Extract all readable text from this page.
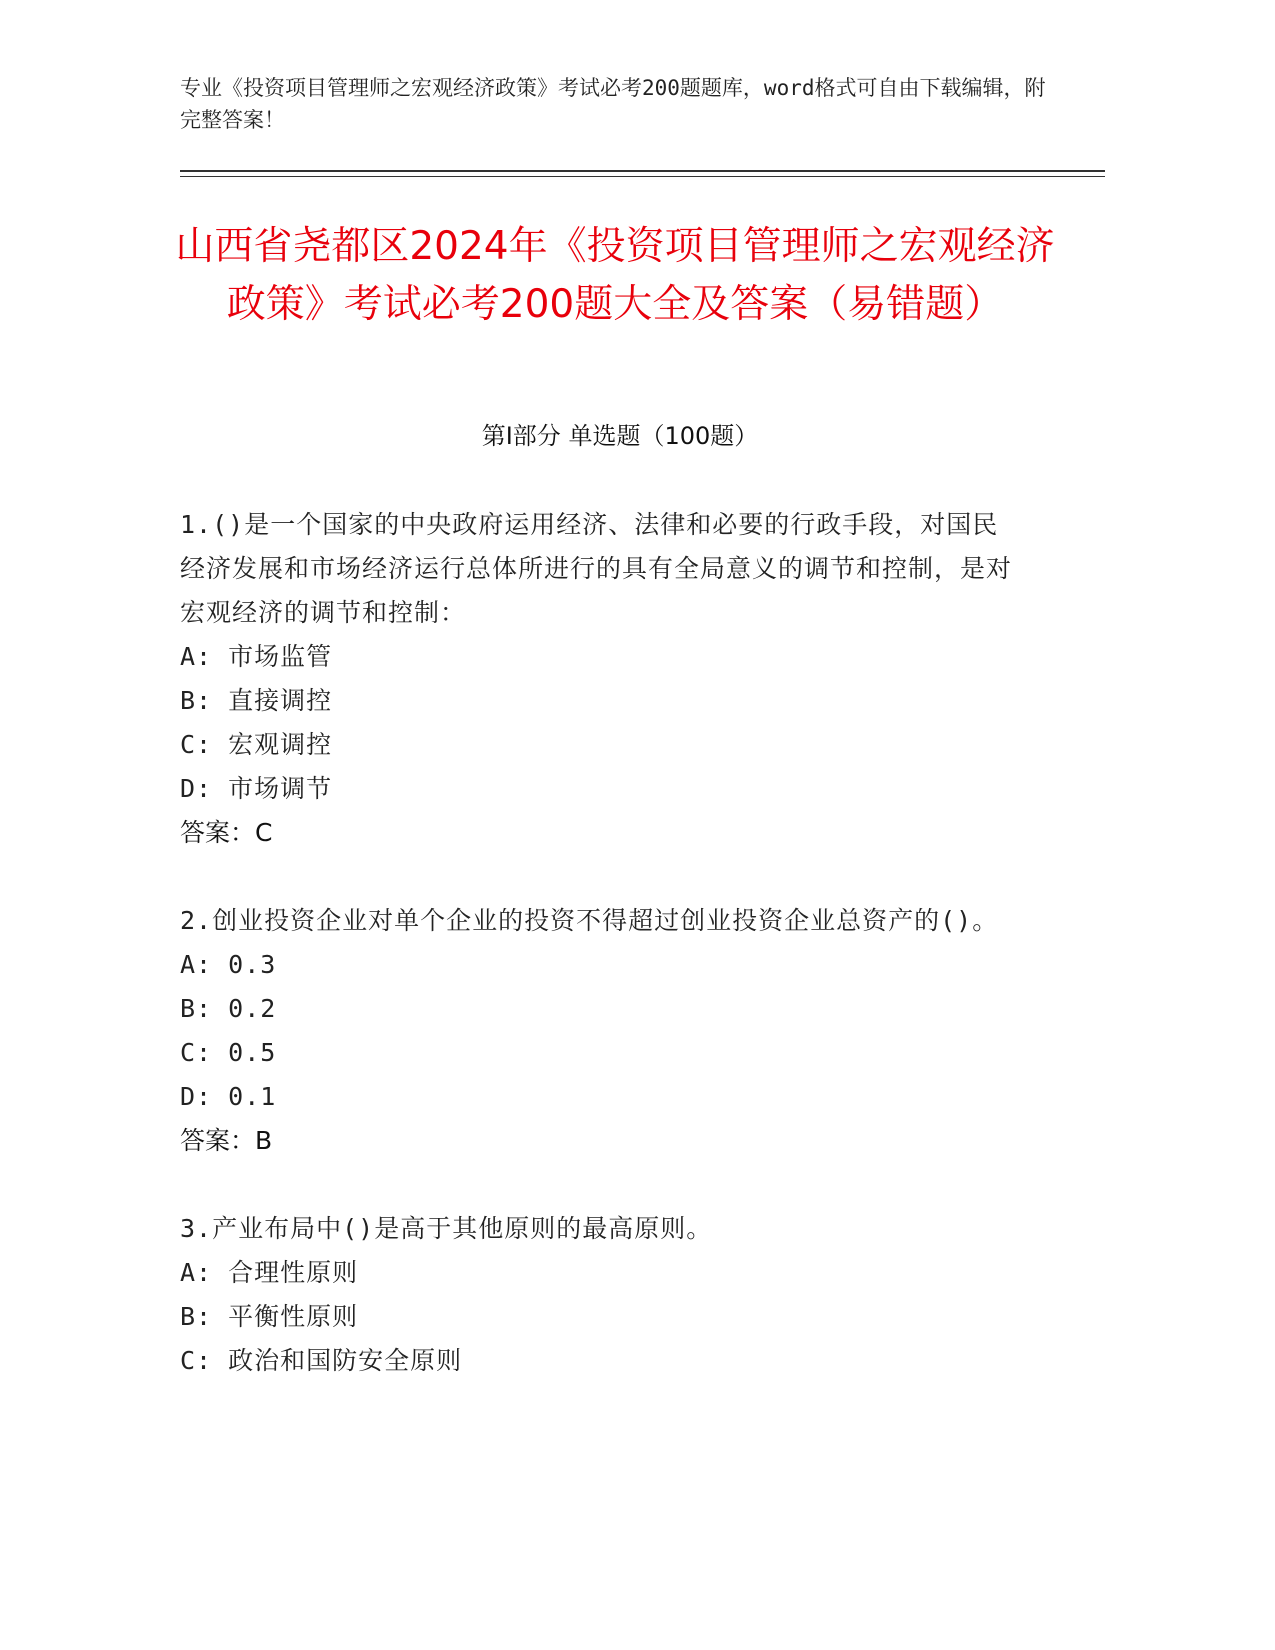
专业《投资项目管理师之宏观经济政策》考试必考200题题库，word格式可自由下载编辑，附完整答案！
山西省尧都区2024年《投资项目管理师之宏观经济政策》考试必考200题大全及答案（易错题）
第Ⅰ部分 单选题（100题）
1.()是一个国家的中央政府运用经济、法律和必要的行政手段，对国民经济发展和市场经济运行总体所进行的具有全局意义的调节和控制，是对宏观经济的调节和控制：
A: 市场监管
B: 直接调控
C: 宏观调控
D: 市场调节
答案：C
2.创业投资企业对单个企业的投资不得超过创业投资企业总资产的()。
A: 0.3
B: 0.2
C: 0.5
D: 0.1
答案：B
3.产业布局中()是高于其他原则的最高原则。
A: 合理性原则
B: 平衡性原则
C: 政治和国防安全原则
